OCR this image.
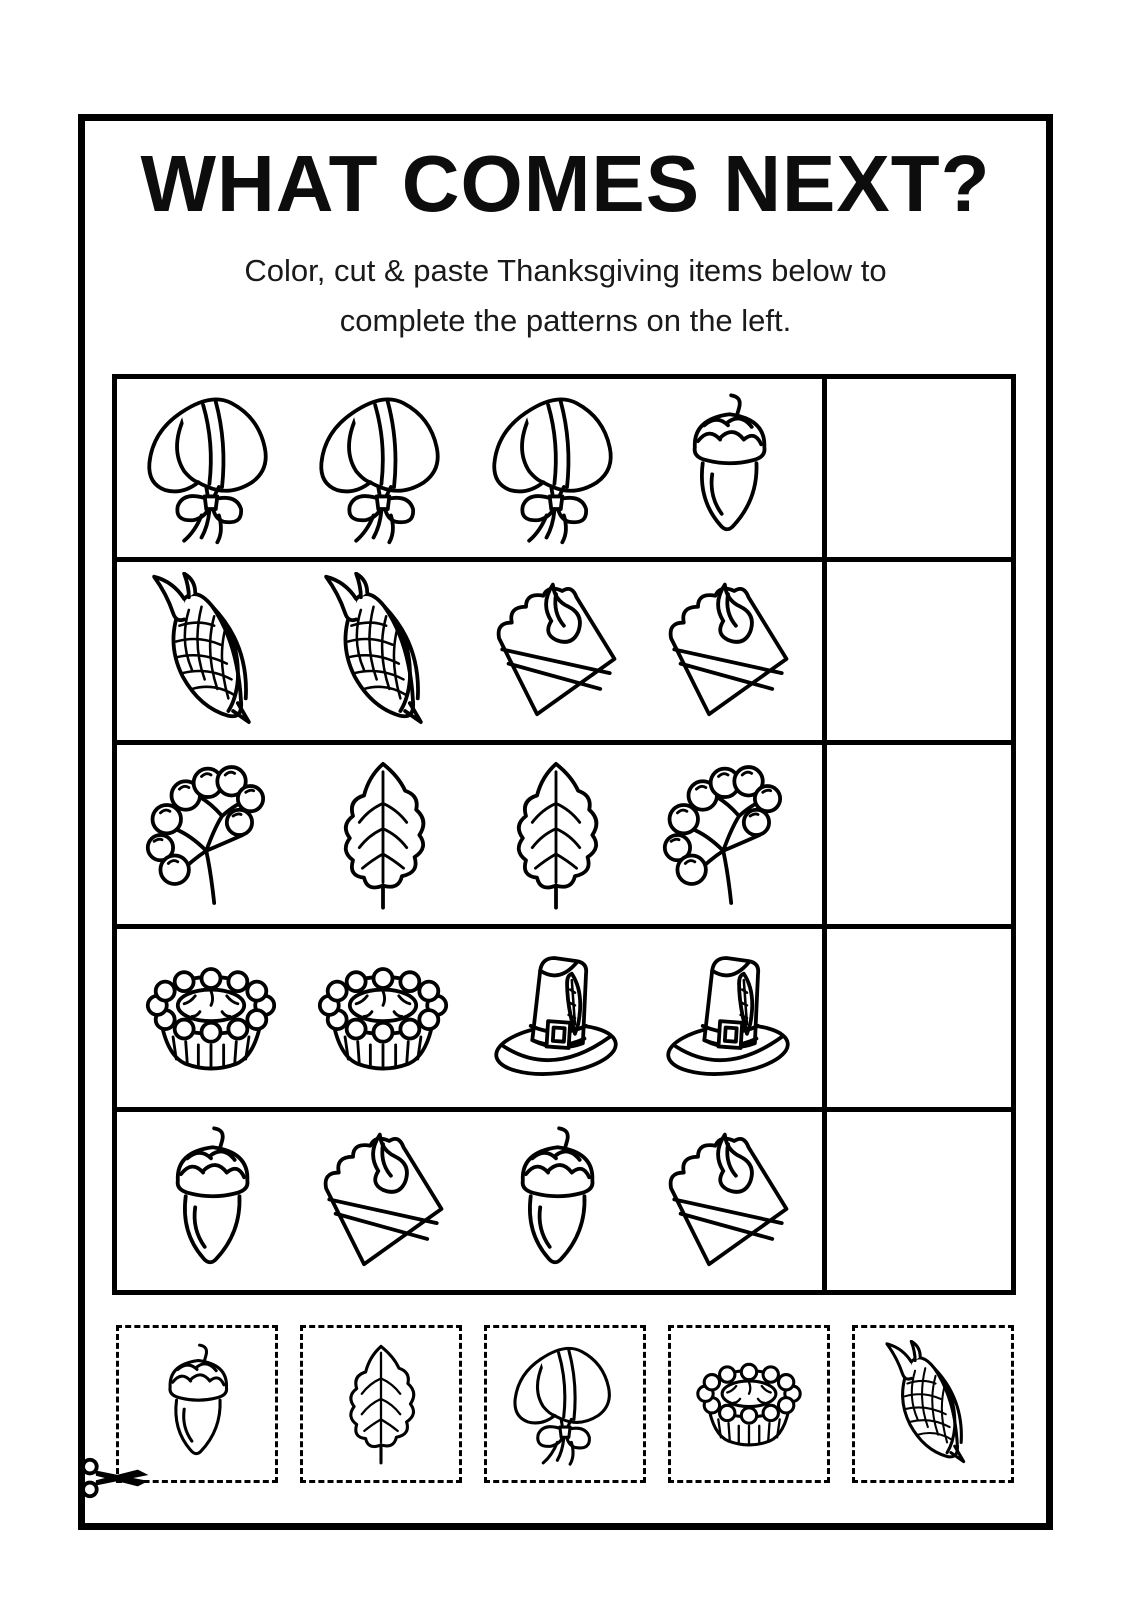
WHAT COMES NEXT?
Color, cut & paste Thanksgiving items below to
complete the patterns on the left.
